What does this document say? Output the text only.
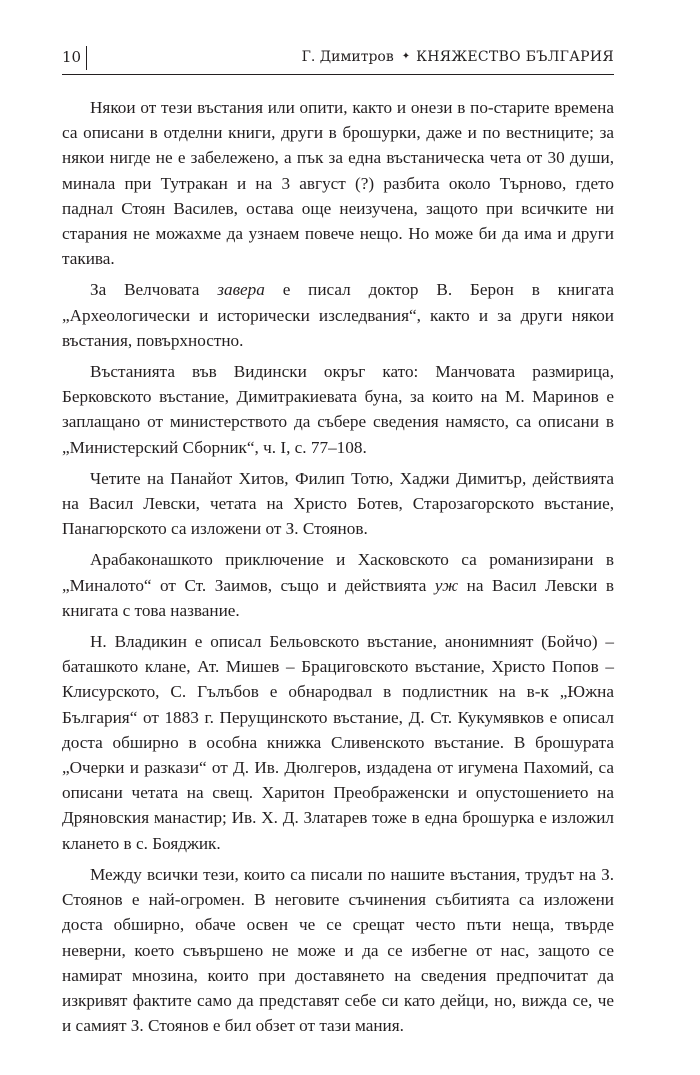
10	Г. Димитров ✦ КНЯЖЕСТВО БЪЛГАРИЯ

Някои от тези въстания или опити, както и онези в по-старите времена са описани в отделни книги, други в брошурки, даже и по вестниците; за някои нигде не е забележено, а пък за една въстаническа чета от 30 души, минала при Тутракан и на 3 август (?) разбита около Търново, гдето паднал Стоян Василев, остава още неизучена, защото при всичките ни старания не можахме да узнаем повече нещо. Но може би да има и други такива.

За Велчовата завера е писал доктор В. Берон в книгата „Археологически и исторически изследвания“, както и за други някои въстания, повърхностно.

Въстанията във Видински окръг като: Манчовата размирица, Берковското въстание, Димитракиевата буна, за които на М. Маринов е заплащано от министерството да събере сведения намясто, са описани в „Министерский Сборник“, ч. І, с. 77–108.

Четите на Панайот Хитов, Филип Тотю, Хаджи Димитър, действията на Васил Левски, четата на Христо Ботев, Старозагорското въстание, Панагюрското са изложени от З. Стоянов.

Арабаконашкото приключение и Хасковското са романизирани в „Миналото“ от Ст. Заимов, също и действията уж на Васил Левски в книгата с това название.

Н. Владикин е описал Бельовското въстание, анонимният (Бойчо) – баташкото клане, Ат. Мишев – Брациговското въстание, Христо Попов – Клисурското, С. Гълъбов е обнародвал в подлистник на в-к „Южна България“ от 1883 г. Перущинското въстание, Д. Ст. Кукумявков е описал доста обширно в особна книжка Сливенското въстание. В брошурата „Очерки и разкази“ от Д. Ив. Дюлгеров, издадена от игумена Пахомий, са описани четата на свещ. Харитон Преображенски и опустошението на Дряновския манастир; Ив. Х. Д. Златарев тоже в една брошурка е изложил клането в с. Бояджик.

Между всички тези, които са писали по нашите въстания, трудът на З. Стоянов е най-огромен. В неговите съчинения събитията са изложени доста обширно, обаче освен че се срещат често пъти неща, твърде неверни, което съвършено не може и да се избегне от нас, защото се намират мнозина, които при доставянето на сведения предпочитат да изкривят фактите само да представят себе си като дейци, но, вижда се, че и самият З. Стоянов е бил обзет от тази мания.
